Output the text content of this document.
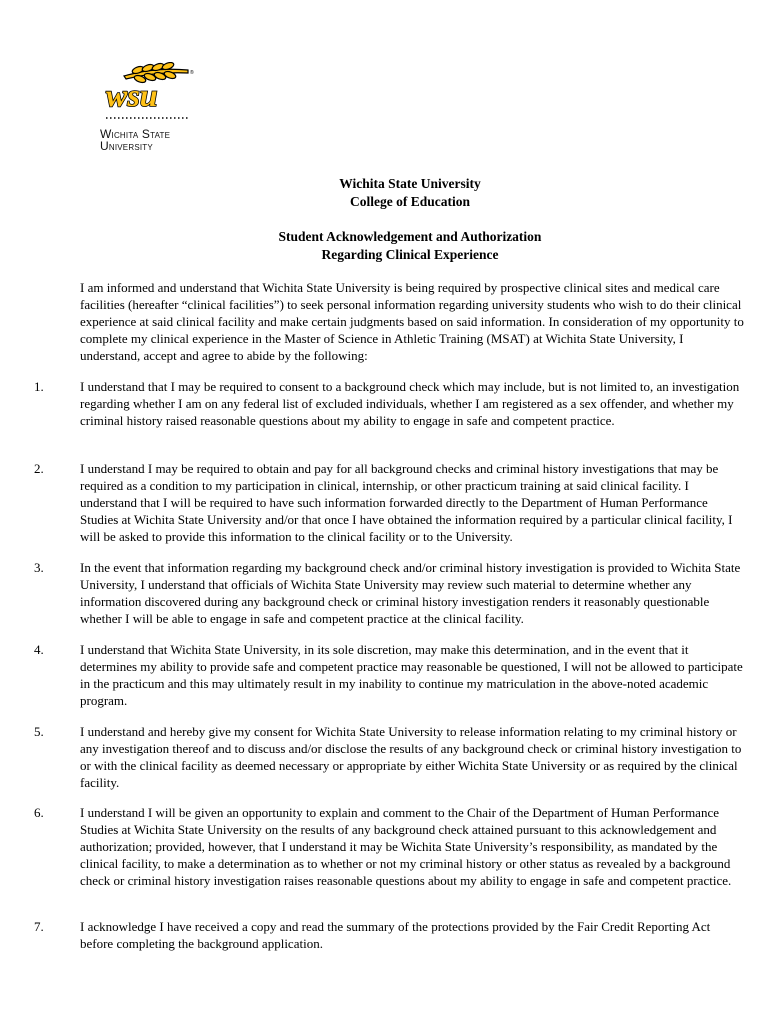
wsu
®
Wichita State
University
Wichita State University
College of Education
Student Acknowledgement and Authorization
Regarding Clinical Experience
I am informed and understand that Wichita State University is being required by prospective clinical sites and medical care facilities (hereafter “clinical facilities”) to seek personal information regarding university students who wish to do their clinical experience at said clinical facility and make certain judgments based on said information. In consideration of my opportunity to complete my clinical experience in the Master of Science in Athletic Training (MSAT) at Wichita State University, I understand, accept and agree to abide by the following:
1.	I understand that I may be required to consent to a background check which may include, but is not limited to, an investigation regarding whether I am on any federal list of excluded individuals, whether I am registered as a sex offender, and whether my criminal history raised reasonable questions about my ability to engage in safe and competent practice.
2.	I understand I may be required to obtain and pay for all background checks and criminal history investigations that may be required as a condition to my participation in clinical, internship, or other practicum training at said clinical facility. I understand that I will be required to have such information forwarded directly to the Department of Human Performance Studies at Wichita State University and/or that once I have obtained the information required by a particular clinical facility, I will be asked to provide this information to the clinical facility or to the University.
3.	In the event that information regarding my background check and/or criminal history investigation is provided to Wichita State University, I understand that officials of Wichita State University may review such material to determine whether any information discovered during any background check or criminal history investigation renders it reasonably questionable whether I will be able to engage in safe and competent practice at the clinical facility.
4.	I understand that Wichita State University, in its sole discretion, may make this determination, and in the event that it determines my ability to provide safe and competent practice may reasonable be questioned, I will not be allowed to participate in the practicum and this may ultimately result in my inability to continue my matriculation in the above-noted academic program.
5.	I understand and hereby give my consent for Wichita State University to release information relating to my criminal history or any investigation thereof and to discuss and/or disclose the results of any background check or criminal history investigation to or with the clinical facility as deemed necessary or appropriate by either Wichita State University or as required by the clinical facility.
6.	I understand I will be given an opportunity to explain and comment to the Chair of the Department of Human Performance Studies at Wichita State University on the results of any background check attained pursuant to this acknowledgement and authorization; provided, however, that I understand it may be Wichita State University’s responsibility, as mandated by the clinical facility, to make a determination as to whether or not my criminal history or other status as revealed by a background check or criminal history investigation raises reasonable questions about my ability to engage in safe and competent practice.
7.	I acknowledge I have received a copy and read the summary of the protections provided by the Fair Credit Reporting Act before completing the background application.
